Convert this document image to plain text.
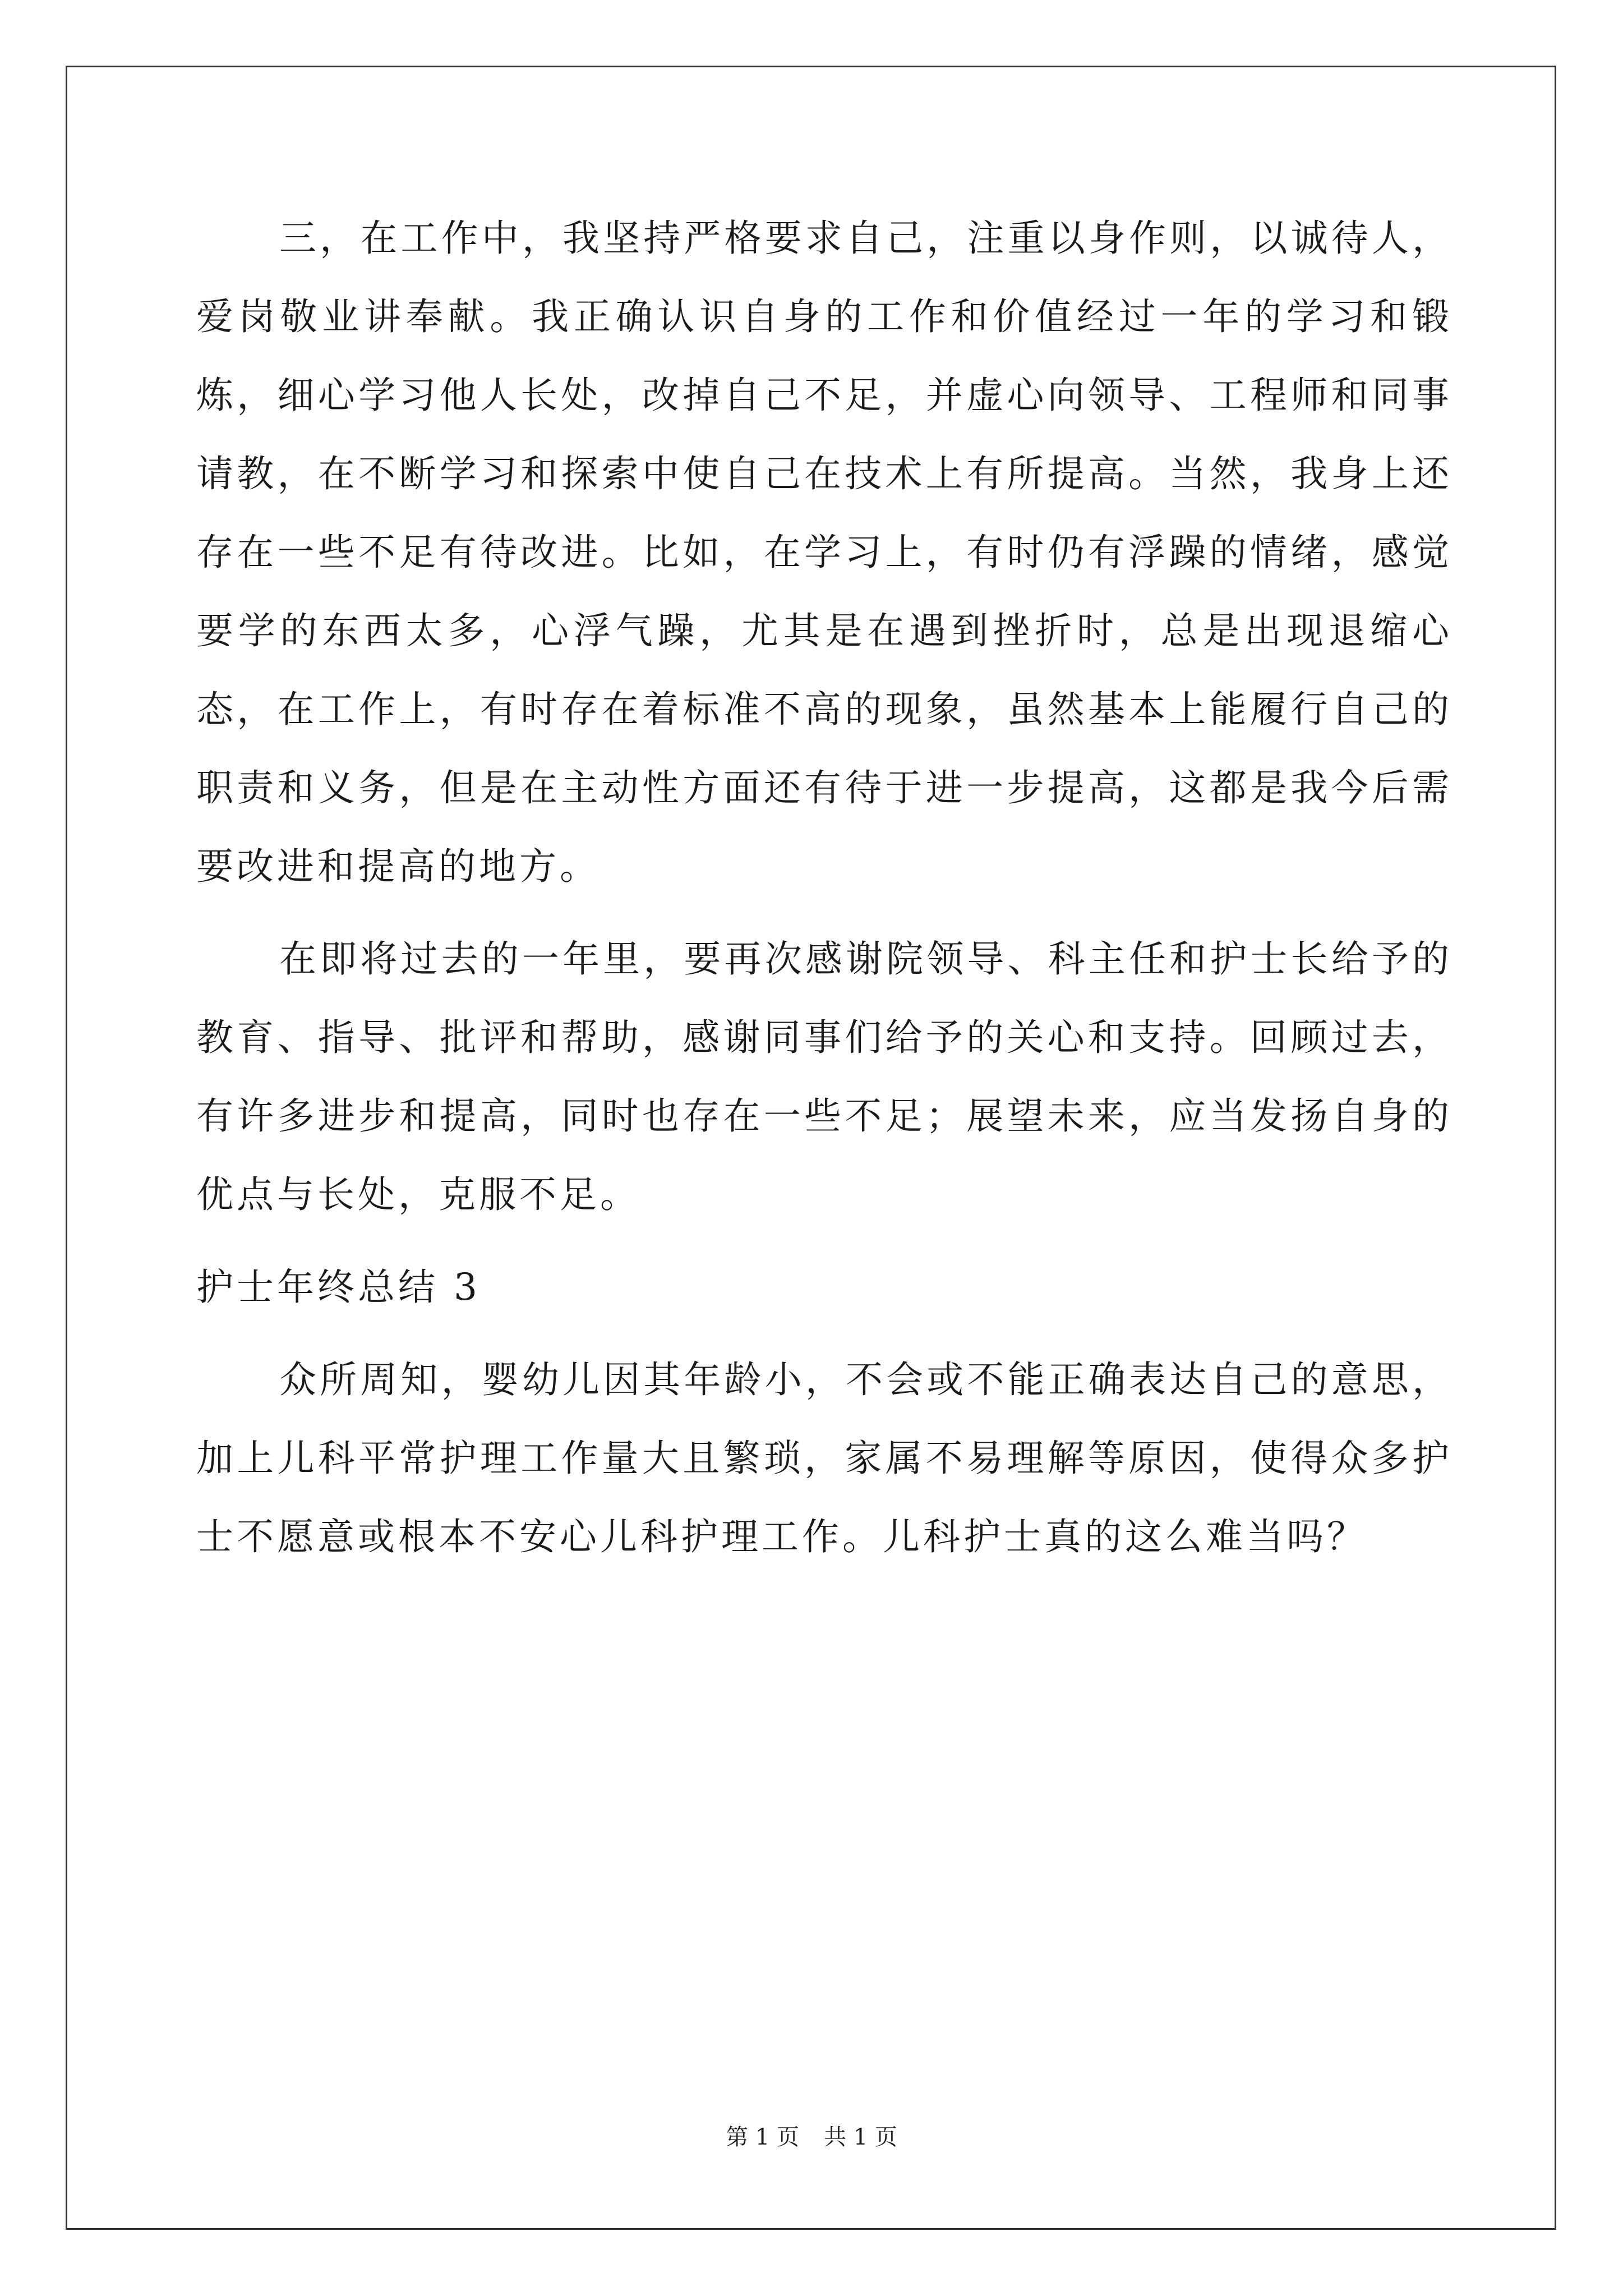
三，在工作中，我坚持严格要求自己，注重以身作则，以诚待人，爱岗敬业讲奉献。我正确认识自身的工作和价值经过一年的学习和锻炼，细心学习他人长处，改掉自己不足，并虚心向领导、工程师和同事请教，在不断学习和探索中使自己在技术上有所提高。当然，我身上还存在一些不足有待改进。比如，在学习上，有时仍有浮躁的情绪，感觉要学的东西太多，心浮气躁，尤其是在遇到挫折时，总是出现退缩心态，在工作上，有时存在着标准不高的现象，虽然基本上能履行自己的职责和义务，但是在主动性方面还有待于进一步提高，这都是我今后需要改进和提高的地方。

在即将过去的一年里，要再次感谢院领导、科主任和护士长给予的教育、指导、批评和帮助，感谢同事们给予的关心和支持。回顾过去，有许多进步和提高，同时也存在一些不足；展望未来，应当发扬自身的优点与长处，克服不足。

护士年终总结 3

众所周知，婴幼儿因其年龄小，不会或不能正确表达自己的意思，加上儿科平常护理工作量大且繁琐，家属不易理解等原因，使得众多护士不愿意或根本不安心儿科护理工作。儿科护士真的这么难当吗？

第 1 页 共 1 页
